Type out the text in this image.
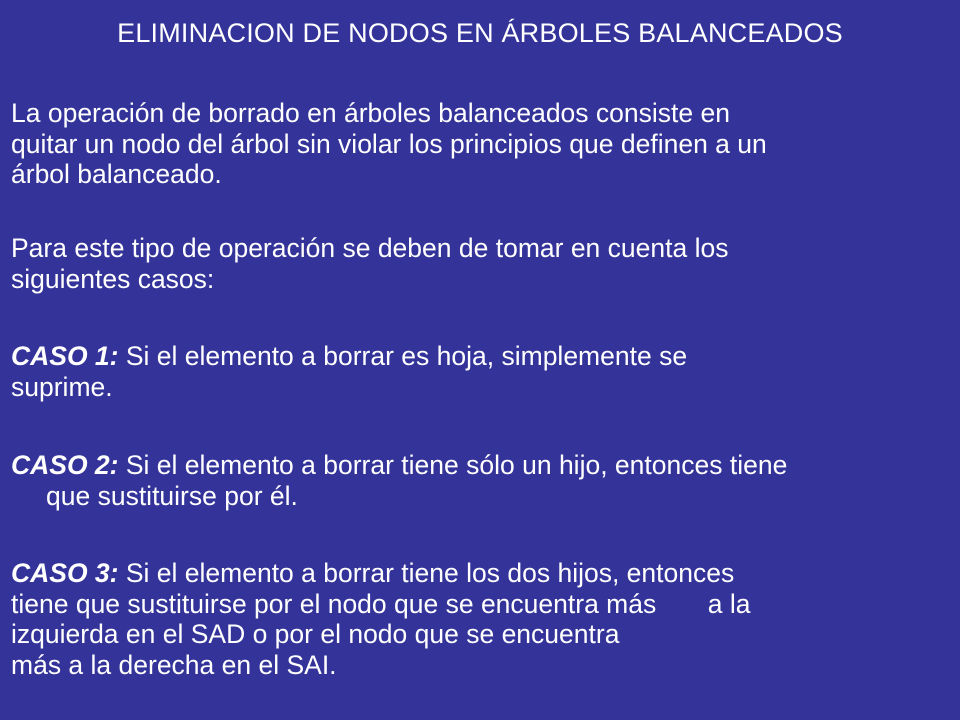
ELIMINACION DE NODOS EN ÁRBOLES BALANCEADOS
La operación de borrado en árboles balanceados consiste en
quitar un nodo del árbol sin violar los principios que definen a un
árbol balanceado.
Para este tipo de operación se deben de tomar en cuenta los
siguientes casos:
CASO 1: Si el elemento a borrar es hoja, simplemente se
suprime.
CASO 2: Si el elemento a borrar tiene sólo un hijo, entonces tiene
que sustituirse por él.
CASO 3: Si el elemento a borrar tiene los dos hijos, entonces
tiene que sustituirse por el nodo que se encuentra más       a la
izquierda en el SAD o por el nodo que se encuentra
más a la derecha en el SAI.
